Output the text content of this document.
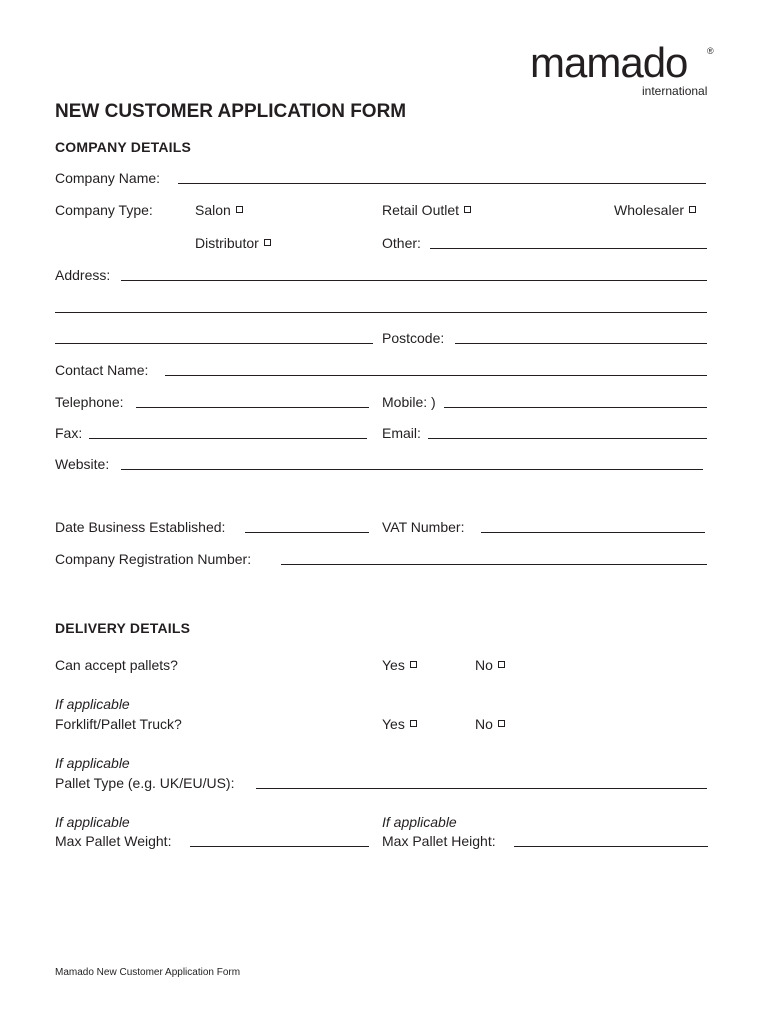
mamado ®
international
NEW CUSTOMER APPLICATION FORM
COMPANY DETAILS
Company Name:
Company Type:	Salon	Retail Outlet	Wholesaler
Distributor	Other:
Address:
Postcode:
Contact Name:
Telephone:	Mobile: )
Fax:	Email:
Website:
Date Business Established:	VAT Number:
Company Registration Number:
DELIVERY DETAILS
Can accept pallets?	Yes	No
If applicable
Forklift/Pallet Truck?	Yes	No
If applicable
Pallet Type (e.g. UK/EU/US):
If applicable
Max Pallet Weight:
If applicable
Max Pallet Height:
Mamado New Customer Application Form
